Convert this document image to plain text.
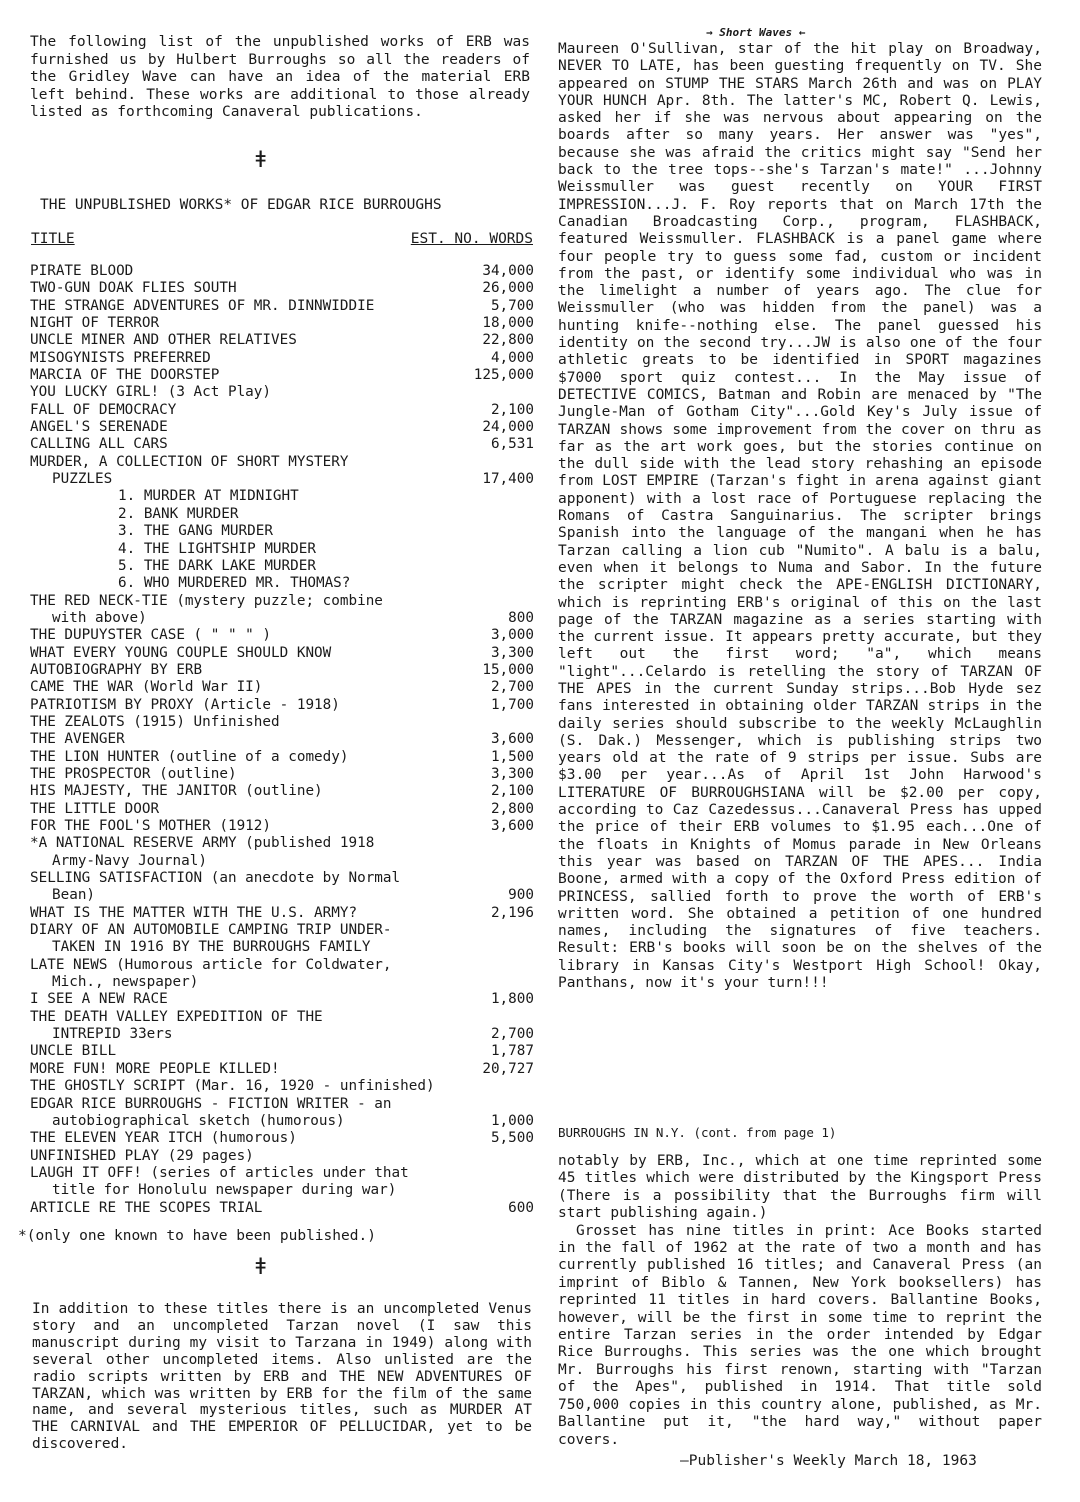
The following list of the unpublished works of ERB was furnished us by Hulbert Burroughs so all the readers of the Gridley Wave can have an idea of the material ERB left behind. These works are additional to those already listed as forthcoming Canaveral publications.

ǂ
THE UNPUBLISHED WORKS* OF EDGAR RICE BURROUGHS
TITLE	EST. NO. WORDS
PIRATE BLOOD	34,000
TWO-GUN DOAK FLIES SOUTH	26,000
THE STRANGE ADVENTURES OF MR. DINNWIDDIE	5,700
NIGHT OF TERROR	18,000
UNCLE MINER AND OTHER RELATIVES	22,800
MISOGYNISTS PREFERRED	4,000
MARCIA OF THE DOORSTEP	125,000
YOU LUCKY GIRL! (3 Act Play)
FALL OF DEMOCRACY	2,100
ANGEL'S SERENADE	24,000
CALLING ALL CARS	6,531
MURDER, A COLLECTION OF SHORT MYSTERY
PUZZLES	17,400
1. MURDER AT MIDNIGHT
2. BANK MURDER
3. THE GANG MURDER
4. THE LIGHTSHIP MURDER
5. THE DARK LAKE MURDER
6. WHO MURDERED MR. THOMAS?
THE RED NECK-TIE (mystery puzzle; combine
with above)	800
THE DUPUYSTER CASE ( " " " )	3,000
WHAT EVERY YOUNG COUPLE SHOULD KNOW	3,300
AUTOBIOGRAPHY BY ERB	15,000
CAME THE WAR (World War II)	2,700
PATRIOTISM BY PROXY (Article - 1918)	1,700
THE ZEALOTS (1915) Unfinished
THE AVENGER	3,600
THE LION HUNTER (outline of a comedy)	1,500
THE PROSPECTOR (outline)	3,300
HIS MAJESTY, THE JANITOR (outline)	2,100
THE LITTLE DOOR	2,800
FOR THE FOOL'S MOTHER (1912)	3,600
*A NATIONAL RESERVE ARMY (published 1918
Army-Navy Journal)
SELLING SATISFACTION (an anecdote by Normal
Bean)	900
WHAT IS THE MATTER WITH THE U.S. ARMY?	2,196
DIARY OF AN AUTOMOBILE CAMPING TRIP UNDER-
TAKEN IN 1916 BY THE BURROUGHS FAMILY
LATE NEWS (Humorous article for Coldwater,
Mich., newspaper)
I SEE A NEW RACE	1,800
THE DEATH VALLEY EXPEDITION OF THE
INTREPID 33ers	2,700
UNCLE BILL	1,787
MORE FUN! MORE PEOPLE KILLED!	20,727
THE GHOSTLY SCRIPT (Mar. 16, 1920 - unfinished)
EDGAR RICE BURROUGHS - FICTION WRITER - an
autobiographical sketch (humorous)	1,000
THE ELEVEN YEAR ITCH (humorous)	5,500
UNFINISHED PLAY (29 pages)
LAUGH IT OFF! (series of articles under that
title for Honolulu newspaper during war)
ARTICLE RE THE SCOPES TRIAL	600
*(only one known to have been published.)
ǂ

In addition to these titles there is an uncompleted Venus story and an uncompleted Tarzan novel (I saw this manuscript during my visit to Tarzana in 1949) along with several other uncompleted items. Also unlisted are the radio scripts written by ERB and THE NEW ADVENTURES OF TARZAN, which was written by ERB for the film of the same name, and several mysterious titles, such as MURDER AT THE CARNIVAL and THE EMPERIOR OF PELLUCIDAR, yet to be discovered.

→ Short Waves ←

Maureen O'Sullivan, star of the hit play on Broadway, NEVER TO LATE, has been guesting frequently on TV. She appeared on STUMP THE STARS March 26th and was on PLAY YOUR HUNCH Apr. 8th. The latter's MC, Robert Q. Lewis, asked her if she was nervous about appearing on the boards after so many years. Her answer was "yes", because she was afraid the critics might say "Send her back to the tree tops--she's Tarzan's mate!" ...Johnny Weissmuller was guest recently on YOUR FIRST IMPRESSION...J. F. Roy reports that on March 17th the Canadian Broadcasting Corp., program, FLASHBACK, featured Weissmuller. FLASHBACK is a panel game where four people try to guess some fad, custom or incident from the past, or identify some individual who was in the limelight a number of years ago. The clue for Weissmuller (who was hidden from the panel) was a hunting knife--nothing else. The panel guessed his identity on the second try...JW is also one of the four athletic greats to be identified in SPORT magazines $7000 sport quiz contest... In the May issue of DETECTIVE COMICS, Batman and Robin are menaced by "The Jungle-Man of Gotham City"...Gold Key's July issue of TARZAN shows some improvement from the cover on thru as far as the art work goes, but the stories continue on the dull side with the lead story rehashing an episode from LOST EMPIRE (Tarzan's fight in arena against giant apponent) with a lost race of Portuguese replacing the Romans of Castra Sanguinarius. The scripter brings Spanish into the language of the mangani when he has Tarzan calling a lion cub "Numito". A balu is a balu, even when it belongs to Numa and Sabor. In the future the scripter might check the APE-ENGLISH DICTIONARY, which is reprinting ERB's original of this on the last page of the TARZAN magazine as a series starting with the current issue. It appears pretty accurate, but they left out the first word; "a", which means "light"...Celardo is retelling the story of TARZAN OF THE APES in the current Sunday strips...Bob Hyde sez fans interested in obtaining older TARZAN strips in the daily series should subscribe to the weekly McLaughlin (S. Dak.) Messenger, which is publishing strips two years old at the rate of 9 strips per issue. Subs are $3.00 per year...As of April 1st John Harwood's LITERATURE OF BURROUGHSIANA will be $2.00 per copy, according to Caz Cazedessus...Canaveral Press has upped the price of their ERB volumes to $1.95 each...One of the floats in Knights of Momus parade in New Orleans this year was based on TARZAN OF THE APES... India Boone, armed with a copy of the Oxford Press edition of PRINCESS, sallied forth to prove the worth of ERB's written word. She obtained a petition of one hundred names, including the signatures of five teachers. Result: ERB's books will soon be on the shelves of the library in Kansas City's Westport High School! Okay, Panthans, now it's your turn!!!

BURROUGHS IN N.Y. (cont. from page 1)

notably by ERB, Inc., which at one time reprinted some 45 titles which were distributed by the Kingsport Press (There is a possibility that the Burroughs firm will start publishing again.)

Grosset has nine titles in print: Ace Books started in the fall of 1962 at the rate of two a month and has currently published 16 titles; and Canaveral Press (an imprint of Biblo & Tannen, New York booksellers) has reprinted 11 titles in hard covers. Ballantine Books, however, will be the first in some time to reprint the entire Tarzan series in the order intended by Edgar Rice Burroughs. This series was the one which brought Mr. Burroughs his first renown, starting with "Tarzan of the Apes", published in 1914. That title sold 750,000 copies in this country alone, published, as Mr. Ballantine put it, "the hard way," without paper covers.

—Publisher's Weekly March 18, 1963
